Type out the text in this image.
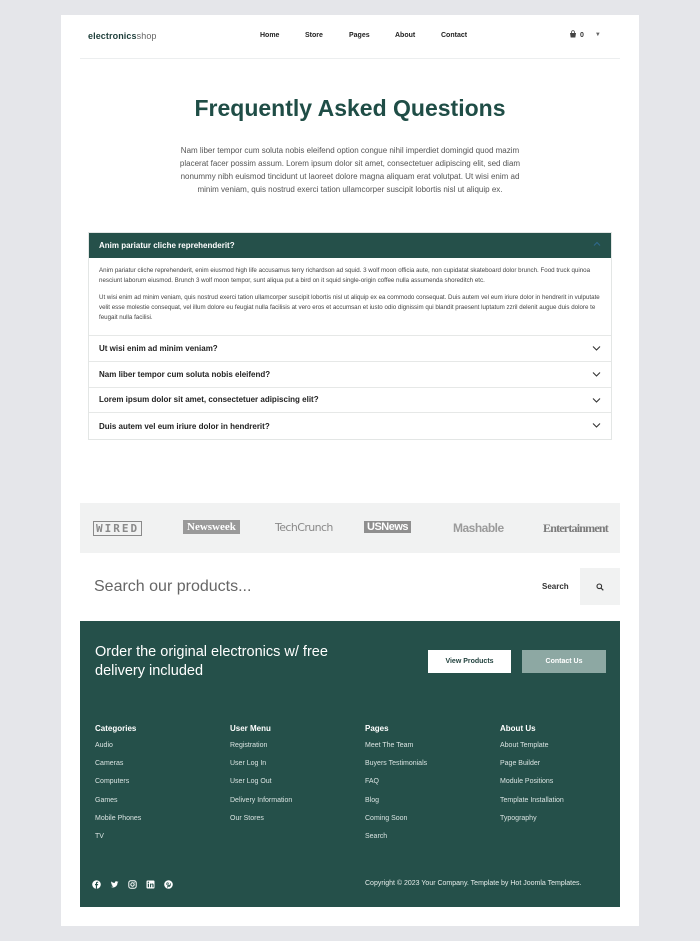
electronicsshop	Home	Store	Pages	About	Contact	0 ▼
Frequently Asked Questions

Nam liber tempor cum soluta nobis eleifend option congue nihil imperdiet domingid quod mazim placerat facer possim assum. Lorem ipsum dolor sit amet, consectetuer adipiscing elit, sed diam nonummy nibh euismod tincidunt ut laoreet dolore magna aliquam erat volutpat. Ut wisi enim ad minim veniam, quis nostrud exerci tation ullamcorper suscipit lobortis nisl ut aliquip ex.

Anim pariatur cliche reprehenderit?

Anim pariatur cliche reprehenderit, enim eiusmod high life accusamus terry richardson ad squid. 3 wolf moon officia aute, non cupidatat skateboard dolor brunch. Food truck quinoa nesciunt laborum eiusmod. Brunch 3 wolf moon tempor, sunt aliqua put a bird on it squid single-origin coffee nulla assumenda shoreditch etc.

Ut wisi enim ad minim veniam, quis nostrud exerci tation ullamcorper suscipit lobortis nisl ut aliquip ex ea commodo consequat. Duis autem vel eum iriure dolor in hendrerit in vulputate velit esse molestie consequat, vel illum dolore eu feugiat nulla facilisis at vero eros et accumsan et iusto odio dignissim qui blandit praesent luptatum zzril delenit augue duis dolore te feugait nulla facilisi.

Ut wisi enim ad minim veniam?
Nam liber tempor cum soluta nobis eleifend?
Lorem ipsum dolor sit amet, consectetuer adipiscing elit?
Duis autem vel eum iriure dolor in hendrerit?
WIRED	Newsweek	TechCrunch	USNews	Mashable	Entertainment
Search our products...
Search
Order the original electronics w/ free delivery included
View Products	Contact Us
Categories
Audio
Cameras
Computers
Games
Mobile Phones
TV
User Menu
Registration
User Log In
User Log Out
Delivery Information
Our Stores
Pages
Meet The Team
Buyers Testimonials
FAQ
Blog
Coming Soon
Search
About Us
About Template
Page Builder
Module Positions
Template Installation
Typography
Copyright © 2023 Your Company. Template by Hot Joomla Templates.
